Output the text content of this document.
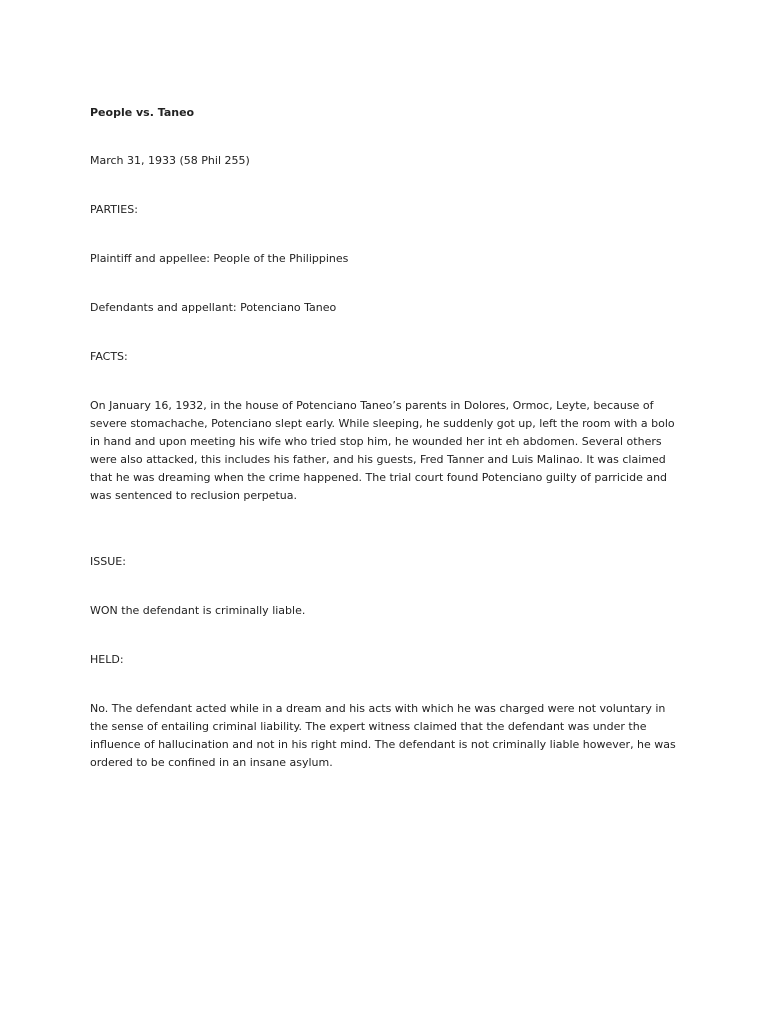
People vs. Taneo

March 31, 1933 (58 Phil 255)

PARTIES:

Plaintiff and appellee: People of the Philippines

Defendants and appellant: Potenciano Taneo

FACTS:

On January 16, 1932, in the house of Potenciano Taneo’s parents in Dolores, Ormoc, Leyte, because of
severe stomachache, Potenciano slept early. While sleeping, he suddenly got up, left the room with a bolo
in hand and upon meeting his wife who tried stop him, he wounded her int eh abdomen. Several others
were also attacked, this includes his father, and his guests, Fred Tanner and Luis Malinao. It was claimed
that he was dreaming when the crime happened. The trial court found Potenciano guilty of parricide and
was sentenced to reclusion perpetua.

ISSUE:

WON the defendant is criminally liable.

HELD:

No. The defendant acted while in a dream and his acts with which he was charged were not voluntary in
the sense of entailing criminal liability. The expert witness claimed that the defendant was under the
influence of hallucination and not in his right mind. The defendant is not criminally liable however, he was
ordered to be confined in an insane asylum.
